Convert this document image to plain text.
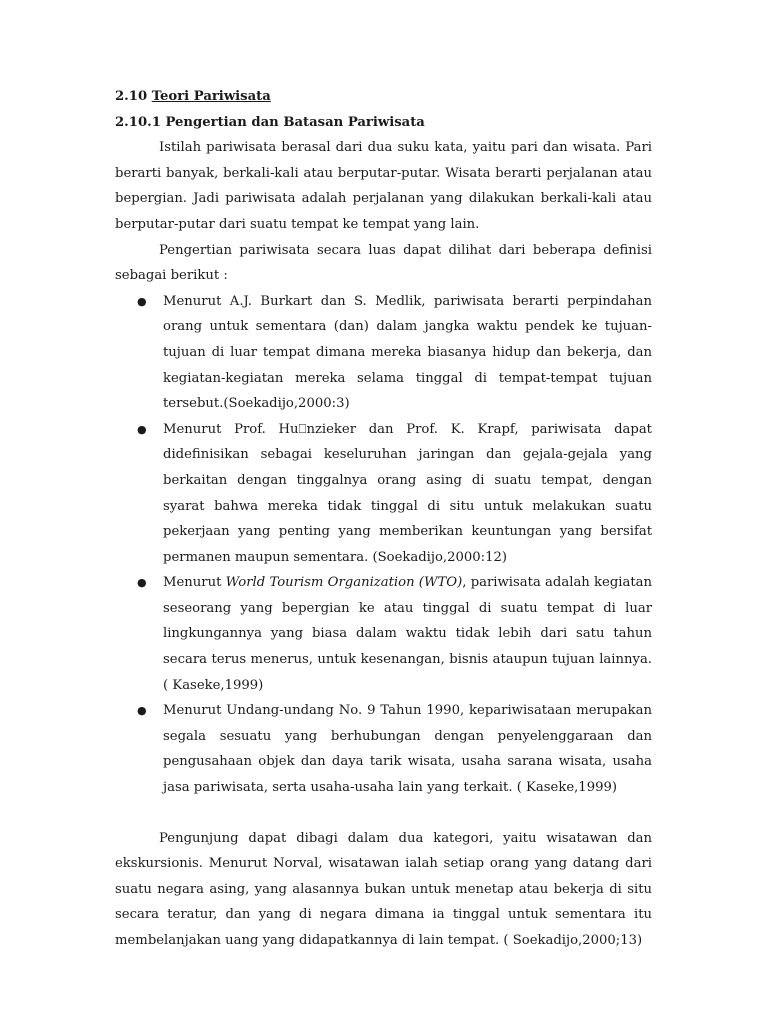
2.10 Teori Pariwisata
2.10.1 Pengertian dan Batasan Pariwisata

Istilah pariwisata berasal dari dua suku kata, yaitu pari dan wisata. Pari berarti banyak, berkali-kali atau berputar-putar. Wisata berarti perjalanan atau bepergian. Jadi pariwisata adalah perjalanan yang dilakukan berkali-kali atau berputar-putar dari suatu tempat ke tempat yang lain.

Pengertian pariwisata secara luas dapat dilihat dari beberapa definisi sebagai berikut :

● Menurut A.J. Burkart dan S. Medlik, pariwisata berarti perpindahan orang untuk sementara (dan) dalam jangka waktu pendek ke tujuan-tujuan di luar tempat dimana mereka biasanya hidup dan bekerja, dan kegiatan-kegiatan mereka selama tinggal di tempat-tempat tujuan tersebut.(Soekadijo,2000:3)
● Menurut Prof. Hu⎕nzieker dan Prof. K. Krapf, pariwisata dapat didefinisikan sebagai keseluruhan jaringan dan gejala-gejala yang berkaitan dengan tinggalnya orang asing di suatu tempat, dengan syarat bahwa mereka tidak tinggal di situ untuk melakukan suatu pekerjaan yang penting yang memberikan keuntungan yang bersifat permanen maupun sementara. (Soekadijo,2000:12)
● Menurut World Tourism Organization (WTO), pariwisata adalah kegiatan seseorang yang bepergian ke atau tinggal di suatu tempat di luar lingkungannya yang biasa dalam waktu tidak lebih dari satu tahun secara terus menerus, untuk kesenangan, bisnis ataupun tujuan lainnya. ( Kaseke,1999)
● Menurut Undang-undang No. 9 Tahun 1990, kepariwisataan merupakan segala sesuatu yang berhubungan dengan penyelenggaraan dan pengusahaan objek dan daya tarik wisata, usaha sarana wisata, usaha jasa pariwisata, serta usaha-usaha lain yang terkait. ( Kaseke,1999)

Pengunjung dapat dibagi dalam dua kategori, yaitu wisatawan dan ekskursionis. Menurut Norval, wisatawan ialah setiap orang yang datang dari suatu negara asing, yang alasannya bukan untuk menetap atau bekerja di situ secara teratur, dan yang di negara dimana ia tinggal untuk sementara itu membelanjakan uang yang didapatkannya di lain tempat. ( Soekadijo,2000;13)
